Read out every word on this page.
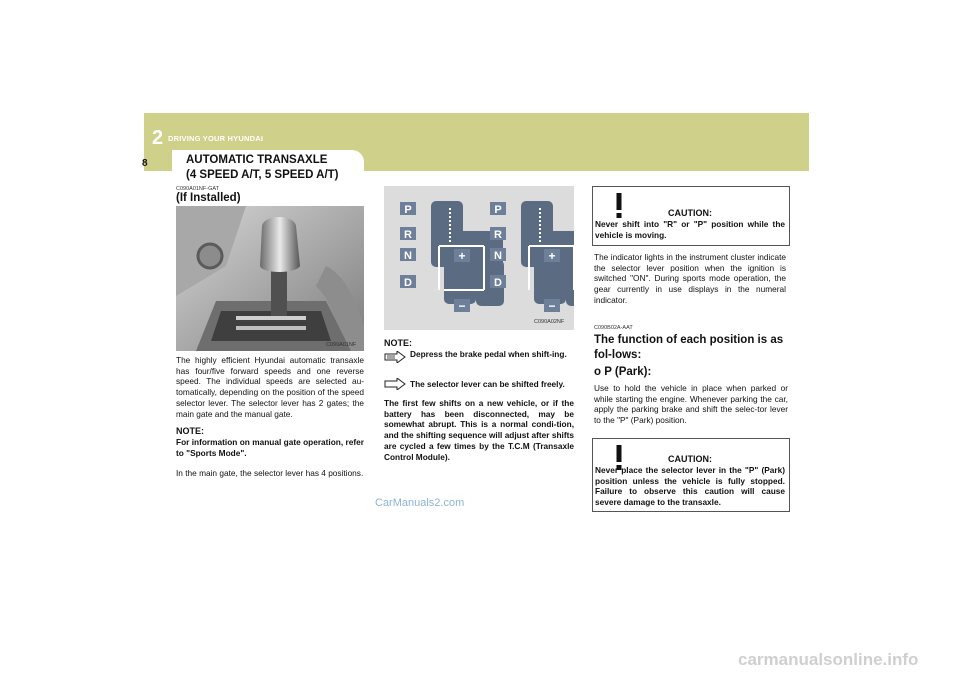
2 DRIVING YOUR HYUNDAI
8	AUTOMATIC TRANSAXLE
(4 SPEED A/T, 5 SPEED A/T)
C090A01NF-GAT
(If Installed)
C090A01NF
The highly efficient Hyundai automatic transaxle has four/five forward speeds and one reverse speed. The individual speeds are selected au-tomatically, depending on the position of the speed selector lever. The selector lever has 2 gates; the main gate and the manual gate.
NOTE:
For information on manual gate operation, refer to "Sports Mode".
In the main gate, the selector lever has 4 positions.
P
R
N
D
+
−
P
R
N
D
+
−
C090A02NF
NOTE:
Depress the brake pedal when shift-ing.
The selector lever can be shifted freely.
The first few shifts on a new vehicle, or if the battery has been disconnected, may be somewhat abrupt. This is a normal condi-tion, and the shifting sequence will adjust after shifts are cycled a few times by the T.C.M (Transaxle Control Module).
CAUTION:
Never shift into "R" or "P" position while the vehicle is moving.
The indicator lights in the instrument cluster indicate the selector lever position when the ignition is switched "ON". During sports mode operation, the gear currently in use displays in the numeral indicator.
C090B02A-AAT
The function of each position is as fol-lows:
o P (Park):
Use to hold the vehicle in place when parked or while starting the engine. Whenever parking the car, apply the parking brake and shift the selec-tor lever to the "P" (Park) position.
CAUTION:
Never place the selector lever in the "P" (Park) position unless the vehicle is fully stopped. Failure to observe this caution will cause severe damage to the transaxle.
CarManuals2.com
carmanualsonline.info
